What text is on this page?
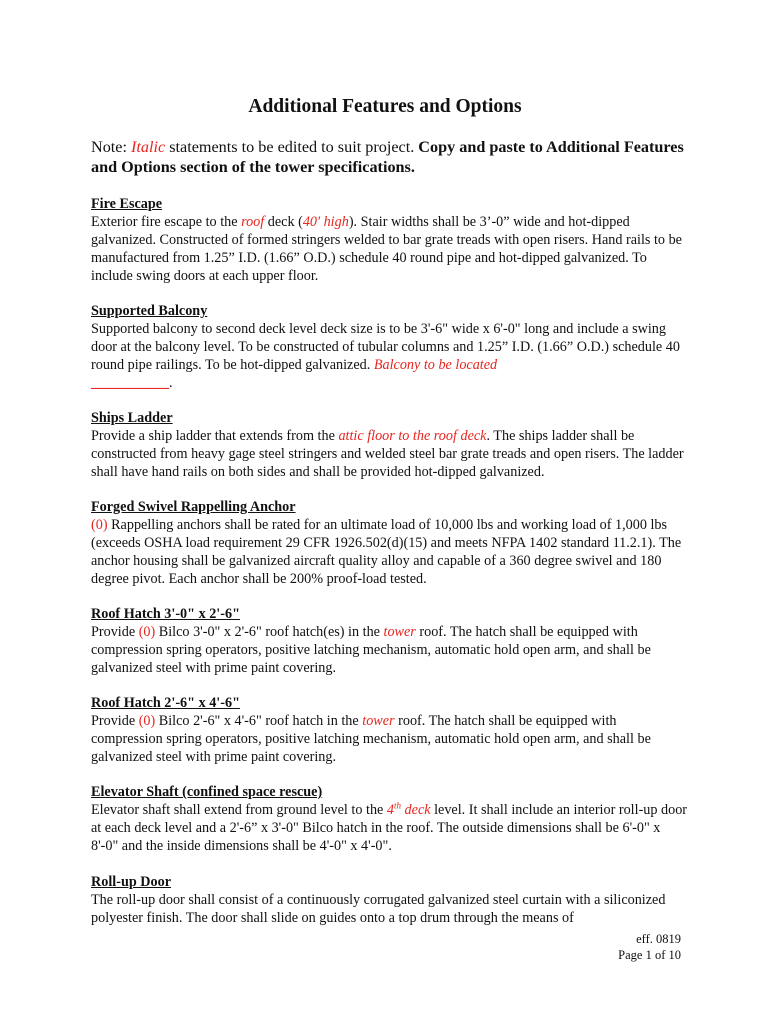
Additional Features and Options
Note: Italic statements to be edited to suit project. Copy and paste to Additional Features and Options section of the tower specifications.
Fire Escape
Exterior fire escape to the roof deck (40' high). Stair widths shall be 3’-0” wide and hot-dipped galvanized. Constructed of formed stringers welded to bar grate treads with open risers. Hand rails to be manufactured from 1.25” I.D. (1.66” O.D.) schedule 40 round pipe and hot-dipped galvanized. To include swing doors at each upper floor.
Supported Balcony
Supported balcony to second deck level deck size is to be 3'-6" wide x 6'-0" long and include a swing door at the balcony level. To be constructed of tubular columns and 1.25” I.D. (1.66” O.D.) schedule 40 round pipe railings. To be hot-dipped galvanized. Balcony to be located
___________.
Ships Ladder
Provide a ship ladder that extends from the attic floor to the roof deck. The ships ladder shall be constructed from heavy gage steel stringers and welded steel bar grate treads and open risers. The ladder shall have hand rails on both sides and shall be provided hot-dipped galvanized.
Forged Swivel Rappelling Anchor
(0) Rappelling anchors shall be rated for an ultimate load of 10,000 lbs and working load of 1,000 lbs (exceeds OSHA load requirement 29 CFR 1926.502(d)(15) and meets NFPA 1402 standard 11.2.1). The anchor housing shall be galvanized aircraft quality alloy and capable of a 360 degree swivel and 180 degree pivot. Each anchor shall be 200% proof-load tested.
Roof Hatch 3'-0" x 2'-6"
Provide (0) Bilco 3'-0" x 2'-6" roof hatch(es) in the tower roof. The hatch shall be equipped with compression spring operators, positive latching mechanism, automatic hold open arm, and shall be galvanized steel with prime paint covering.
Roof Hatch 2'-6" x 4'-6"
Provide (0) Bilco 2'-6" x 4'-6" roof hatch in the tower roof. The hatch shall be equipped with compression spring operators, positive latching mechanism, automatic hold open arm, and shall be galvanized steel with prime paint covering.
Elevator Shaft (confined space rescue)
Elevator shaft shall extend from ground level to the 4th deck level. It shall include an interior roll-up door at each deck level and a 2'-6” x 3'-0" Bilco hatch in the roof. The outside dimensions shall be 6'-0" x 8'-0" and the inside dimensions shall be 4'-0" x 4'-0".
Roll-up Door
The roll-up door shall consist of a continuously corrugated galvanized steel curtain with a siliconized polyester finish. The door shall slide on guides onto a top drum through the means of
eff. 0819
Page 1 of 10
